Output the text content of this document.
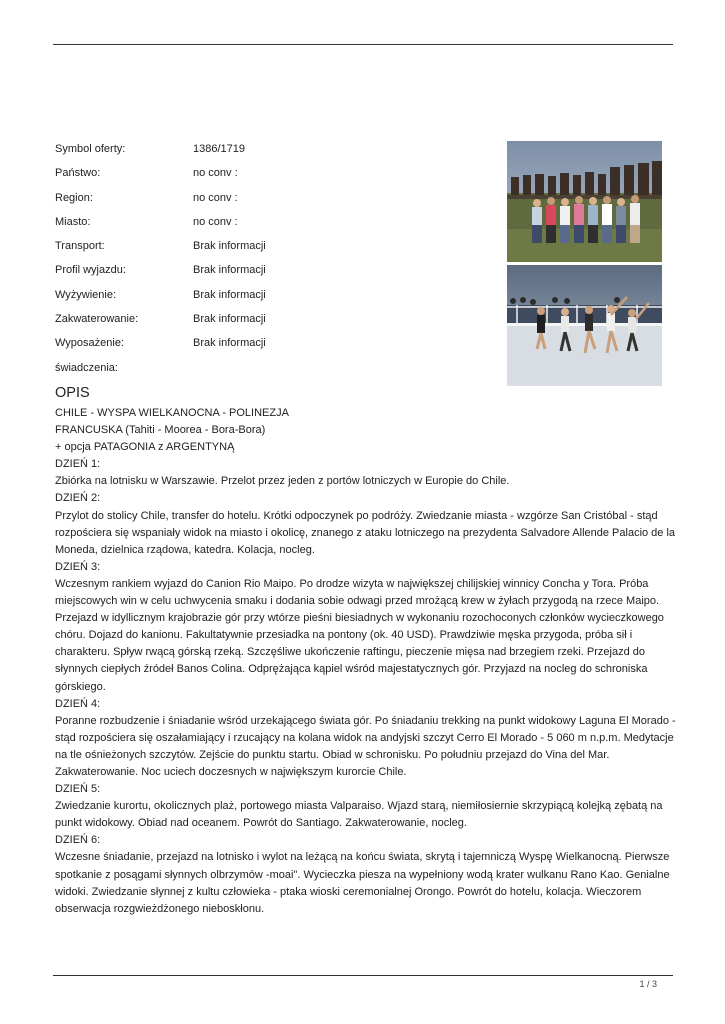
Symbol oferty:	1386/1719
Państwo:	no conv :
Region:	no conv :
Miasto:	no conv :
Transport:	Brak informacji
Profil wyjazdu:	Brak informacji
Wyżywienie:	Brak informacji
Zakwaterowanie:	Brak informacji
Wyposażenie:	Brak informacji
świadczenia:
OPIS

CHILE - WYSPA WIELKANOCNA - POLINEZJA

FRANCUSKA (Tahiti - Moorea - Bora-Bora)

+ opcja PATAGONIA z ARGENTYNĄ

DZIEŃ 1:

Zbiórka na lotnisku w Warszawie. Przelot przez jeden z portów lotniczych w Europie do Chile.

DZIEŃ 2:

Przylot do stolicy Chile, transfer do hotelu. Krótki odpoczynek po podróży. Zwiedzanie miasta - wzgórze San Cristóbal - stąd rozpościera się wspaniały widok na miasto i okolicę, znanego z ataku lotniczego na prezydenta Salvadore Allende Palacio de la Moneda, dzielnica rządowa, katedra. Kolacja, nocleg.

DZIEŃ 3:

Wczesnym rankiem wyjazd do Canion Rio Maipo. Po drodze wizyta w największej chilijskiej winnicy Concha y Tora. Próba miejscowych win w celu uchwycenia smaku i dodania sobie odwagi przed mrożącą krew w żyłach przygodą na rzece Maipo. Przejazd w idyllicznym krajobrazie gór przy wtórze pieśni biesiadnych w wykonaniu rozochoconych członków wycieczkowego chóru. Dojazd do kanionu. Fakultatywnie przesiadka na pontony (ok. 40 USD). Prawdziwie męska przygoda, próba sił i charakteru. Spływ rwącą górską rzeką. Szczęśliwe ukończenie raftingu, pieczenie mięsa nad brzegiem rzeki. Przejazd do słynnych ciepłych źródeł Banos Colina. Odprężająca kąpiel wśród majestatycznych gór. Przyjazd na nocleg do schroniska górskiego.

DZIEŃ 4:

Poranne rozbudzenie i śniadanie wśród urzekającego świata gór. Po śniadaniu trekking na punkt widokowy Laguna El Morado - stąd rozpościera się oszałamiający i rzucający na kolana widok na andyjski szczyt Cerro El Morado - 5 060 m n.p.m. Medytacje na tle ośnieżonych szczytów. Zejście do punktu startu. Obiad w schronisku. Po południu przejazd do Vina del Mar. Zakwaterowanie. Noc uciech doczesnych w największym kurorcie Chile.

DZIEŃ 5:

Zwiedzanie kurortu, okolicznych plaż, portowego miasta Valparaiso. Wjazd starą, niemiłosiernie skrzypiącą kolejką zębatą na punkt widokowy. Obiad nad oceanem. Powrót do Santiago. Zakwaterowanie, nocleg.

DZIEŃ 6:

Wczesne śniadanie, przejazd na lotnisko i wylot na leżącą na końcu świata, skrytą i tajemniczą Wyspę Wielkanocną. Pierwsze spotkanie z posągami słynnych olbrzymów -moai". Wycieczka piesza na wypełniony wodą krater wulkanu Rano Kao. Genialne widoki. Zwiedzanie słynnej z kultu człowieka - ptaka wioski ceremonialnej Orongo. Powrót do hotelu, kolacja. Wieczorem obserwacja rozgwieżdżonego nieboskłonu.

1 / 3
